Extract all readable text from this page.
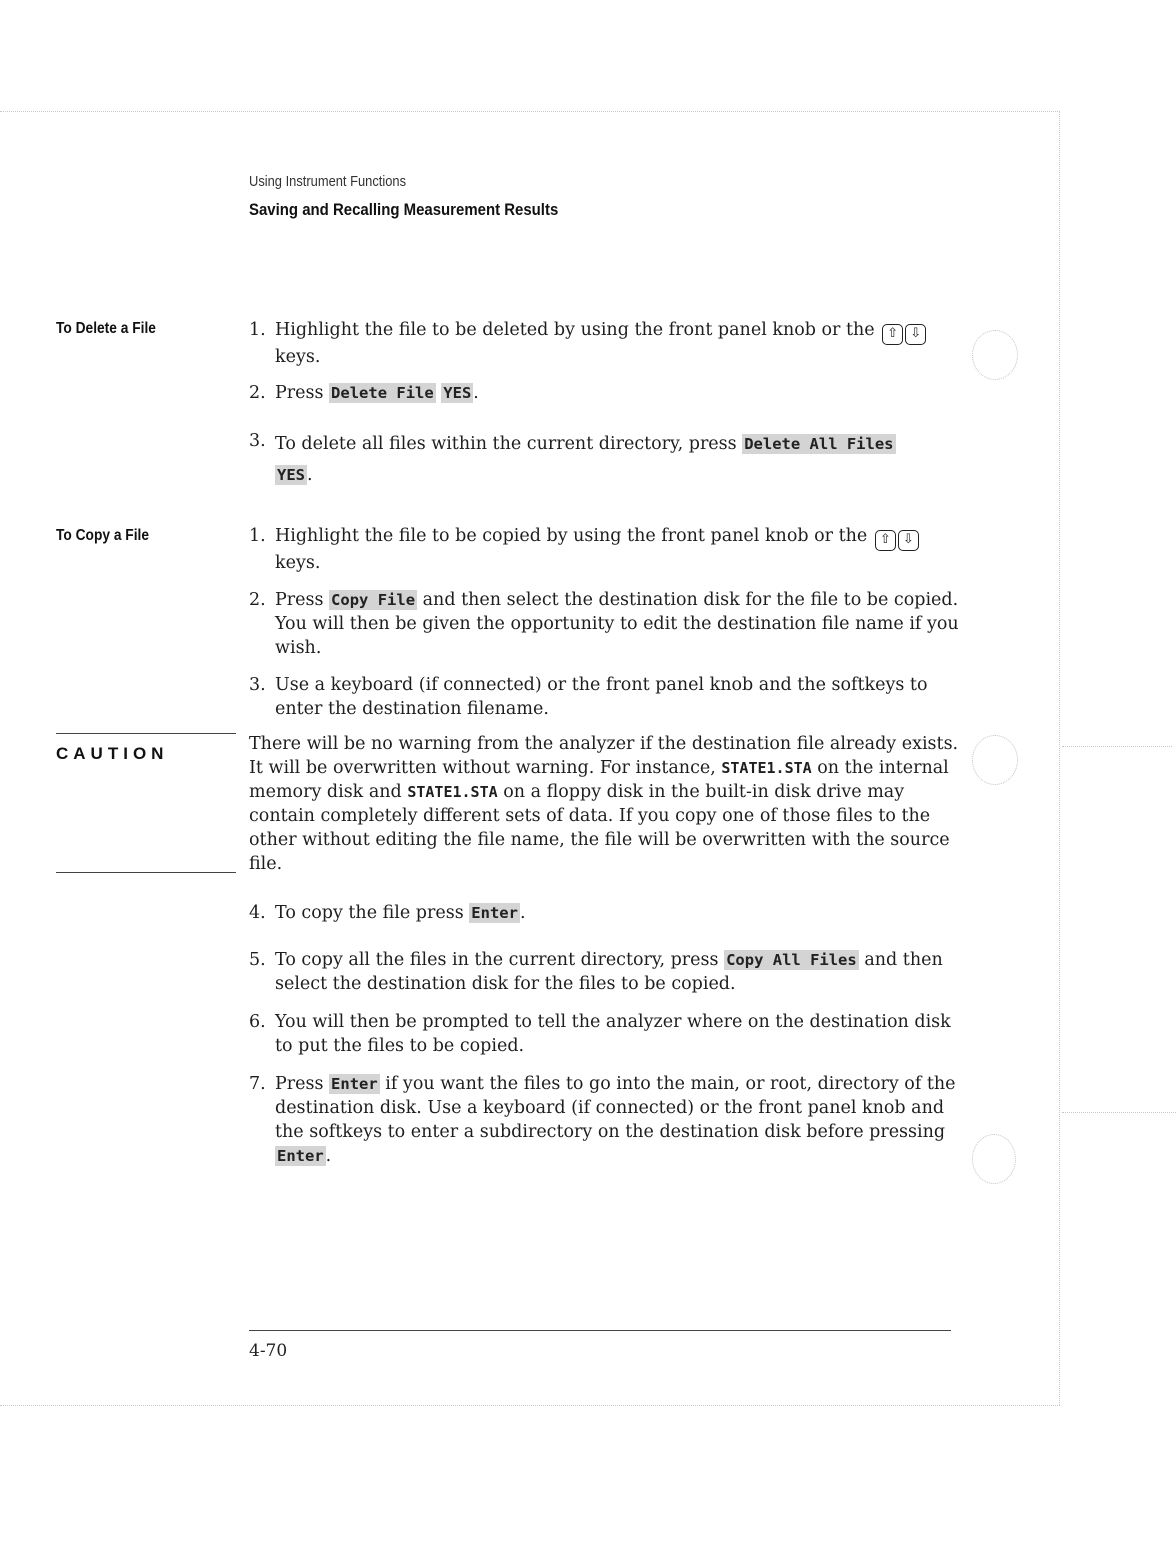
Using Instrument Functions
Saving and Recalling Measurement Results
To Delete a File	1. Highlight the file to be deleted by using the front panel knob or the ⇧ ⇩
keys.
2. Press Delete File YES .
3. To delete all files within the current directory, press Delete All Files
YES .
To Copy a File	1. Highlight the file to be copied by using the front panel knob or the ⇧ ⇩
keys.
2. Press Copy File and then select the destination disk for the file to be copied. You will then be given the opportunity to edit the destination file name if you wish.
3. Use a keyboard (if connected) or the front panel knob and the softkeys to enter the destination filename.
CAUTION	There will be no warning from the analyzer if the destination file already exists. It will be overwritten without warning. For instance, STATE1.STA on the internal memory disk and STATE1.STA on a floppy disk in the built-in disk drive may contain completely different sets of data. If you copy one of those files to the other without editing the file name, the file will be overwritten with the source file.
4. To copy the file press Enter .
5. To copy all the files in the current directory, press Copy All Files and then select the destination disk for the files to be copied.
6. You will then be prompted to tell the analyzer where on the destination disk to put the files to be copied.
7. Press Enter if you want the files to go into the main, or root, directory of the destination disk. Use a keyboard (if connected) or the front panel knob and the softkeys to enter a subdirectory on the destination disk before pressing Enter .
4-70
